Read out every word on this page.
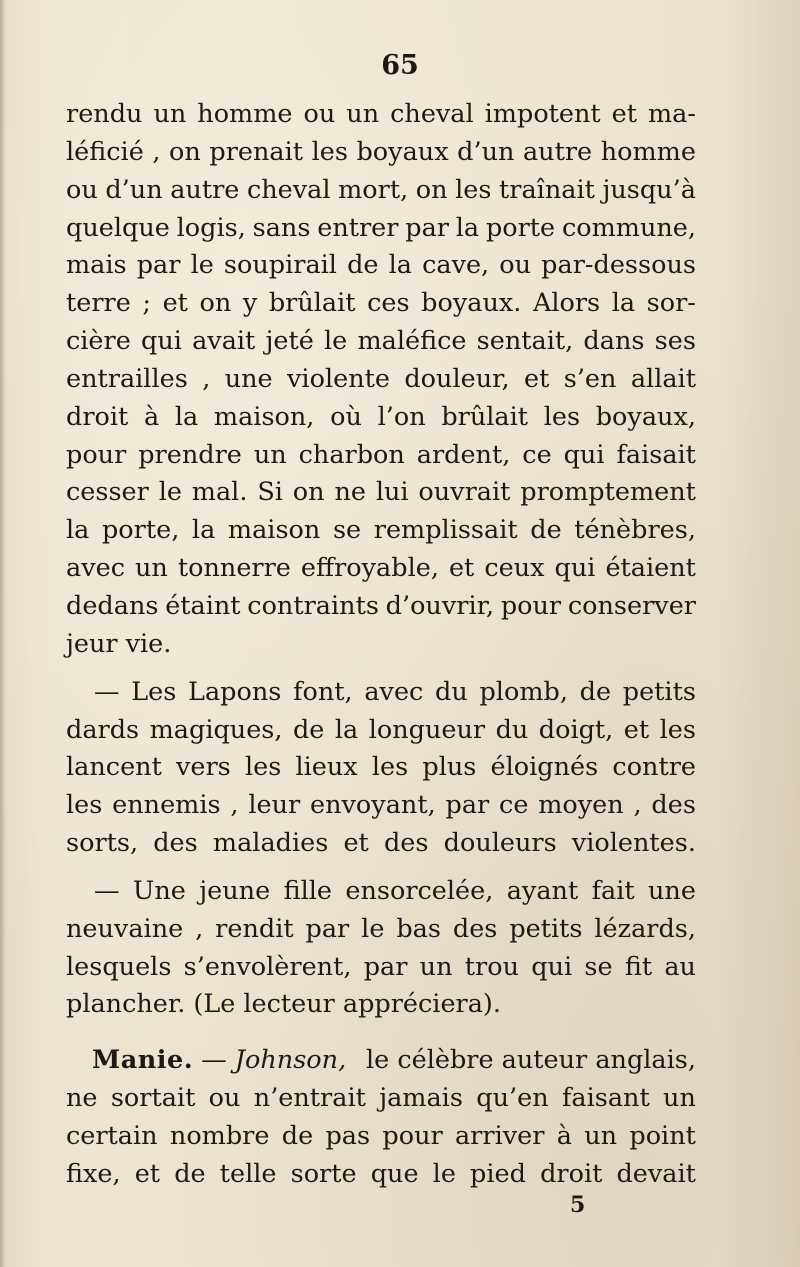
65
rendu un homme ou un cheval impotent et ma-
léficié , on prenait les boyaux d’un autre homme
ou d’un autre cheval mort, on les traînait jusqu’à
quelque logis, sans entrer par la porte commune,
mais par le soupirail de la cave, ou par-dessous
terre ; et on y brûlait ces boyaux. Alors la sor-
cière qui avait jeté le maléfice sentait, dans ses
entrailles , une violente douleur, et s’en allait
droit à la maison, où l’on brûlait les boyaux,
pour prendre un charbon ardent, ce qui faisait
cesser le mal. Si on ne lui ouvrait promptement
la porte, la maison se remplissait de ténèbres,
avec un tonnerre effroyable, et ceux qui étaient
dedans étaint contraints d’ouvrir, pour conserver
jeur vie.
— Les Lapons font, avec du plomb, de petits
dards magiques, de la longueur du doigt, et les
lancent vers les lieux les plus éloignés contre
les ennemis , leur envoyant, par ce moyen , des
sorts, des maladies et des douleurs violentes.
— Une jeune fille ensorcelée, ayant fait une
neuvaine , rendit par le bas des petits lézards,
lesquels s’envolèrent, par un trou qui se fit au
plancher. (Le lecteur appréciera).
Manie. — Johnson, le célèbre auteur anglais,
ne sortait ou n’entrait jamais qu’en faisant un
certain nombre de pas pour arriver à un point
fixe, et de telle sorte que le pied droit devait
5
